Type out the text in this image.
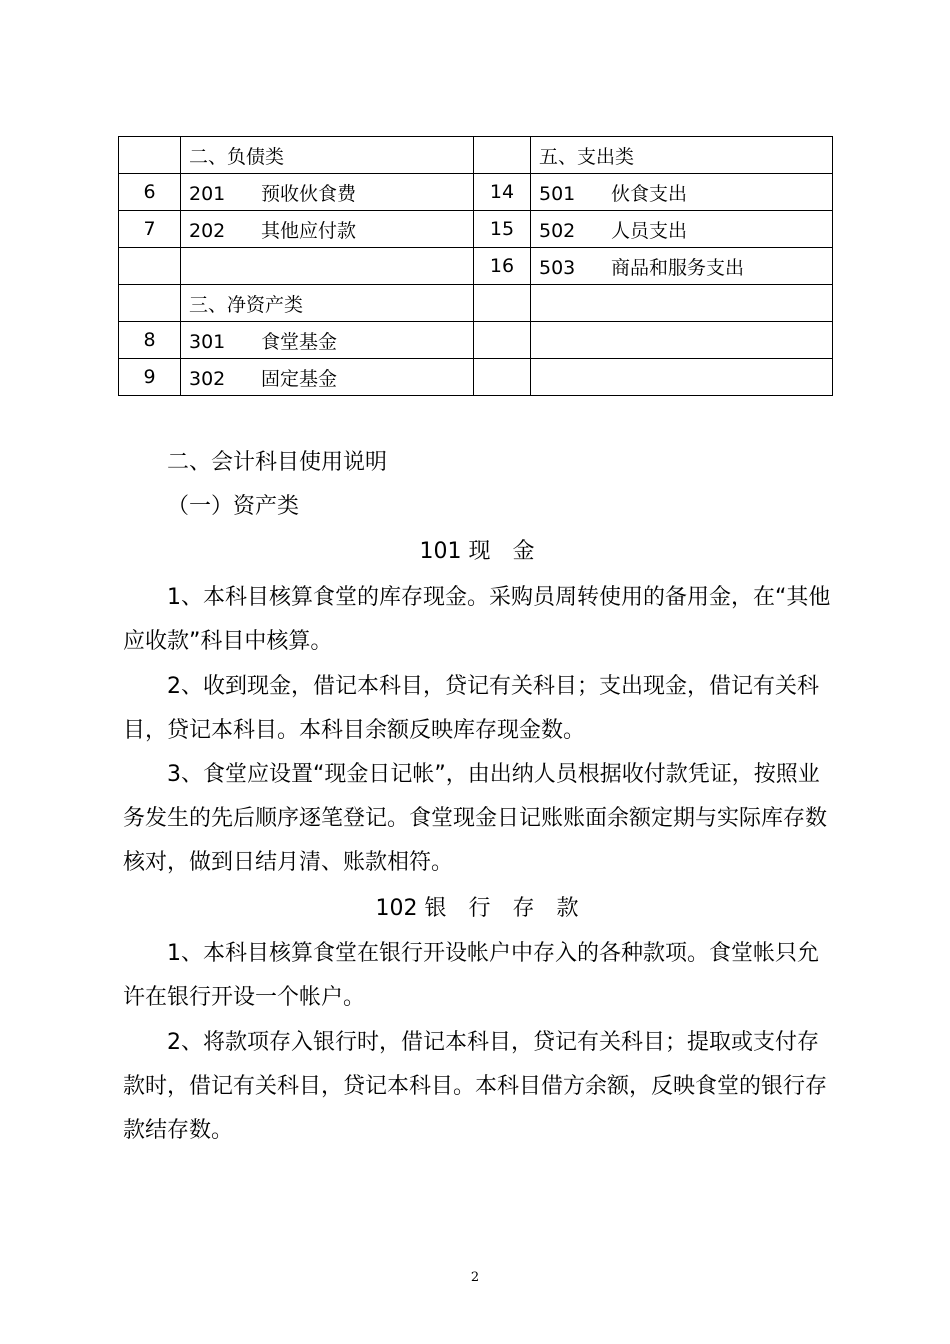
	二、负债类		五、支出类
6	201 预收伙食费	14	501 伙食支出
7	202 其他应付款	15	502 人员支出
		16	503 商品和服务支出
	三、净资产类		
8	301 食堂基金		
9	302 固定基金		

二、会计科目使用说明

（一）资产类

101 现　金

1、本科目核算食堂的库存现金。采购员周转使用的备用金，在“其他应收款”科目中核算。

2、收到现金，借记本科目，贷记有关科目；支出现金，借记有关科目，贷记本科目。本科目余额反映库存现金数。

3、食堂应设置“现金日记帐”，由出纳人员根据收付款凭证，按照业务发生的先后顺序逐笔登记。食堂现金日记账账面余额定期与实际库存数核对，做到日结月清、账款相符。

102 银　行　存　款

1、本科目核算食堂在银行开设帐户中存入的各种款项。食堂帐只允许在银行开设一个帐户。

2、将款项存入银行时，借记本科目，贷记有关科目；提取或支付存款时，借记有关科目，贷记本科目。本科目借方余额，反映食堂的银行存款结存数。

2
